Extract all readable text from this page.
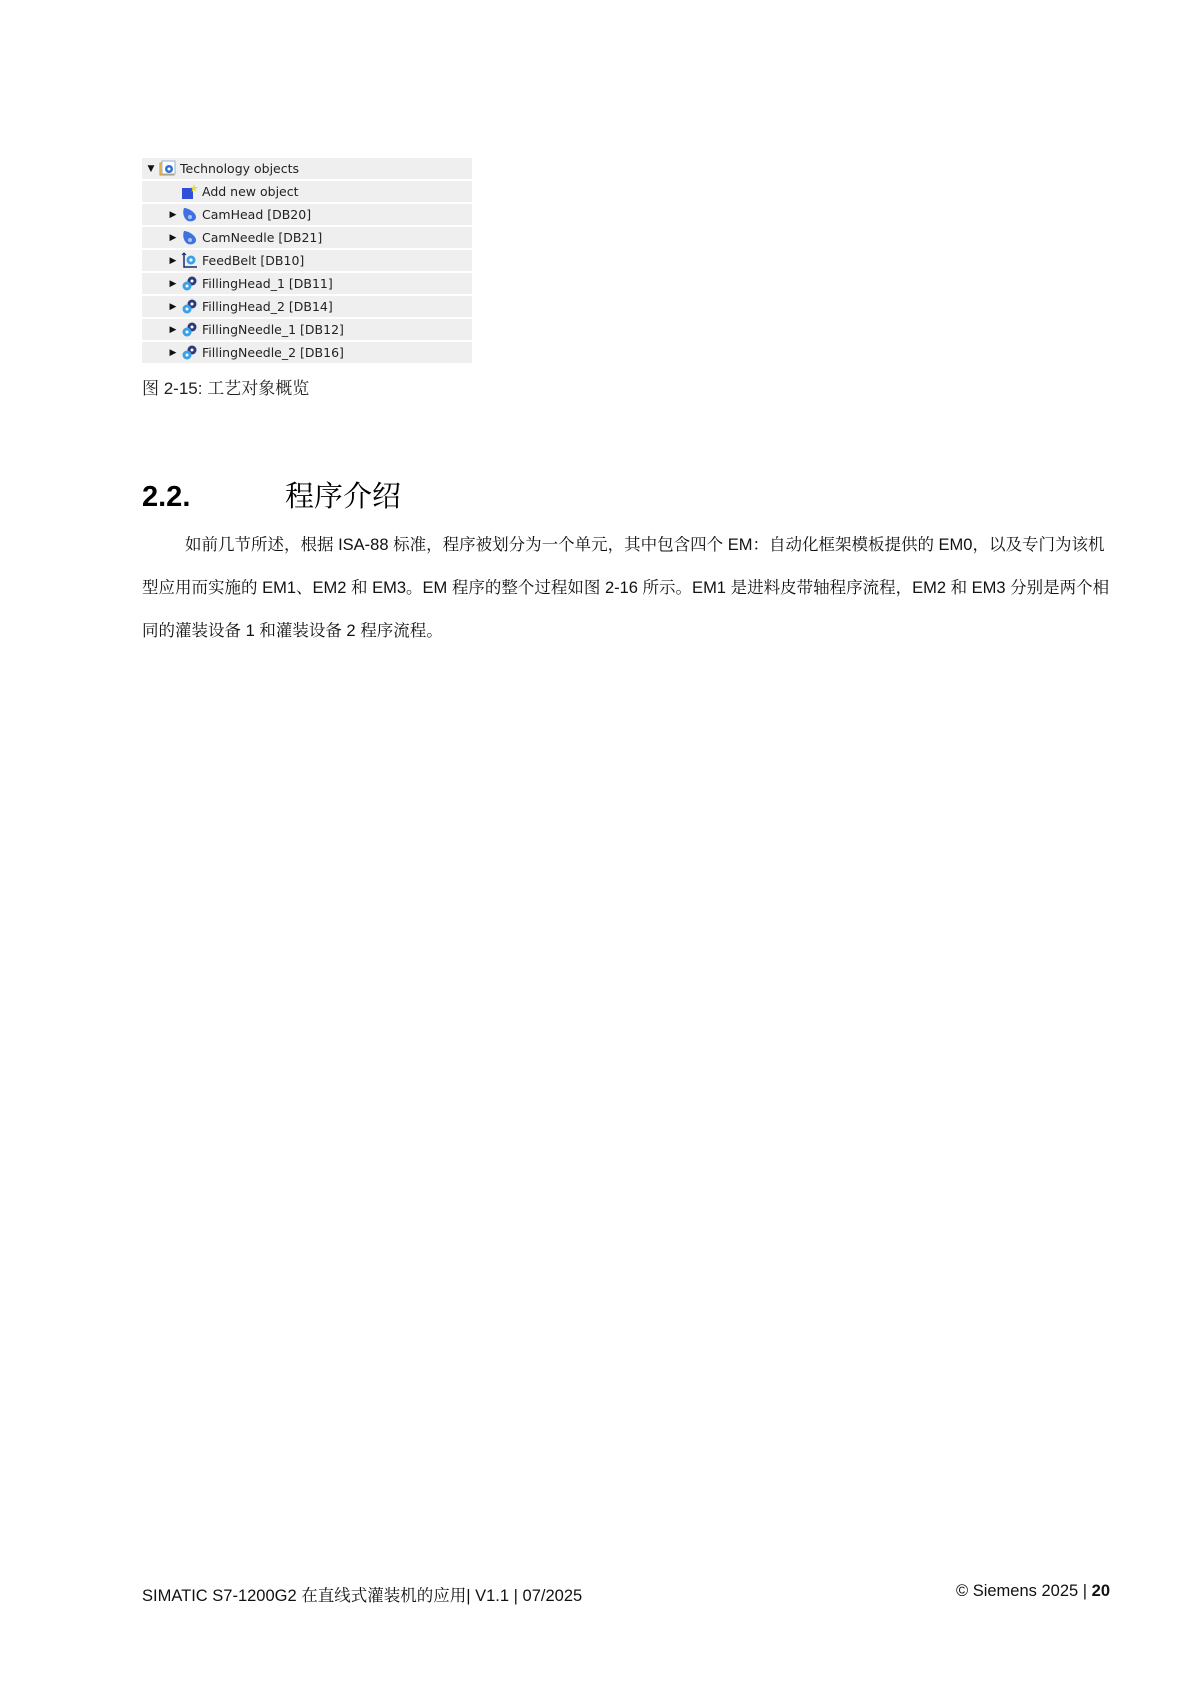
▼ Technology objects
Add new object
▶ CamHead [DB20]
▶ CamNeedle [DB21]
▶ FeedBelt [DB10]
▶ FillingHead_1 [DB11]
▶ FillingHead_2 [DB14]
▶ FillingNeedle_1 [DB12]
▶ FillingNeedle_2 [DB16]
图 2-15: 工艺对象概览
2.2.	程序介绍

如前几节所述，根据 ISA-88 标准，程序被划分为一个单元，其中包含四个 EM：自动化框架模板提供的 EM0，以及专门为该机型应用而实施的 EM1、EM2 和 EM3。EM 程序的整个过程如图 2-16 所示。EM1 是进料皮带轴程序流程，EM2 和 EM3 分别是两个相同的灌装设备 1 和灌装设备 2 程序流程。

SIMATIC S7-1200G2 在直线式灌装机的应用| V1.1 | 07/2025	© Siemens 2025 | 20
